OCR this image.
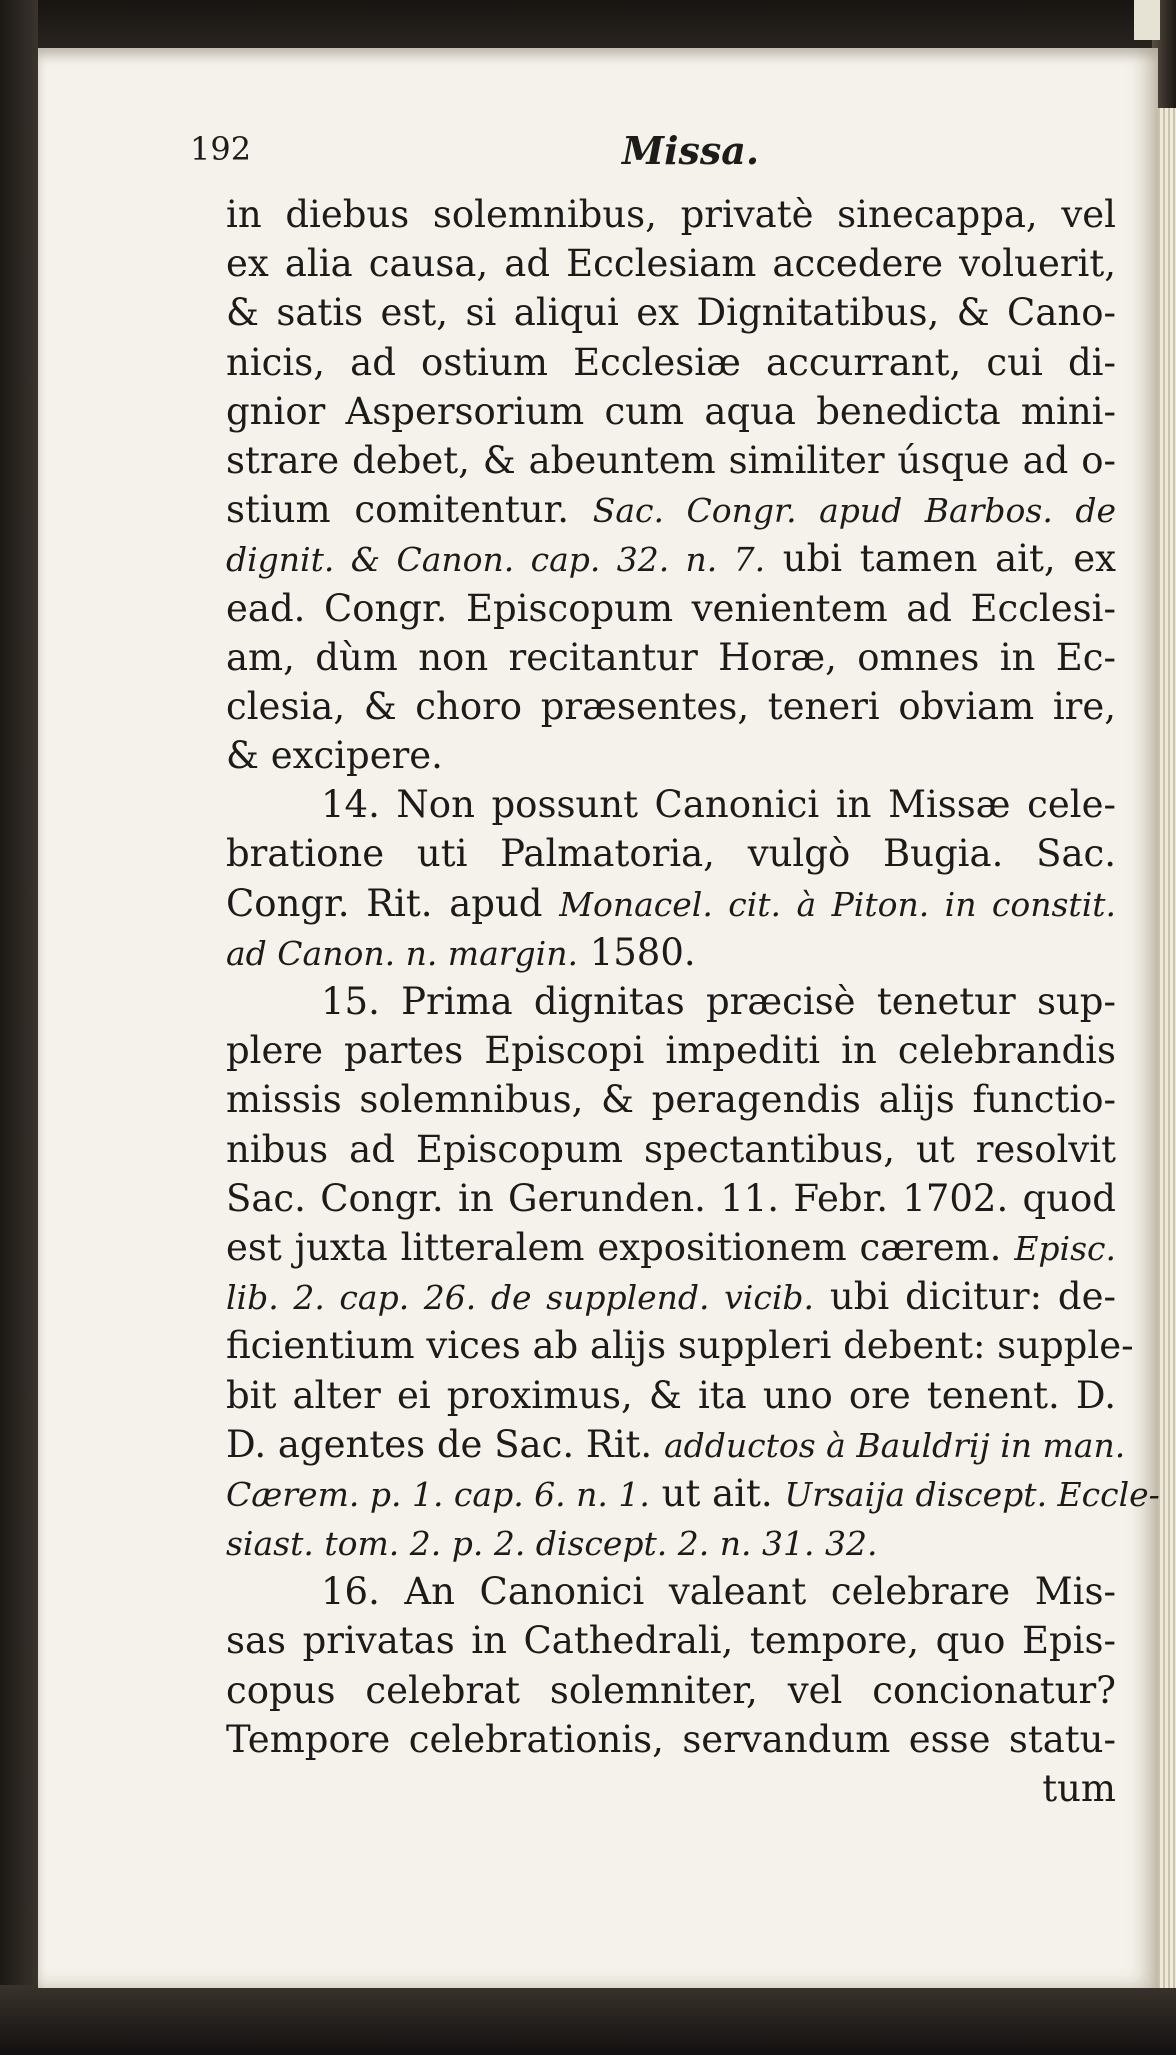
192	Missa.
in diebus solemnibus, privatè sinecappa, vel
ex alia causa, ad Ecclesiam accedere voluerit,
& satis est, si aliqui ex Dignitatibus, & Cano-
nicis, ad ostium Ecclesiæ accurrant, cui di-
gnior Aspersorium cum aqua benedicta mini-
strare debet, & abeuntem similiter úsque ad o-
stium comitentur. Sac. Congr. apud Barbos. de
dignit. & Canon. cap. 32. n. 7. ubi tamen ait, ex
ead. Congr. Episcopum venientem ad Ecclesi-
am, dùm non recitantur Horæ, omnes in Ec-
clesia, & choro præsentes, teneri obviam ire,
& excipere.
14. Non possunt Canonici in Missæ cele-
bratione uti Palmatoria, vulgò Bugia. Sac.
Congr. Rit. apud Monacel. cit. à Piton. in constit.
ad Canon. n. margin. 1580.
15. Prima dignitas præcisè tenetur sup-
plere partes Episcopi impediti in celebrandis
missis solemnibus, & peragendis alijs functio-
nibus ad Episcopum spectantibus, ut resolvit
Sac. Congr. in Gerunden. 11. Febr. 1702. quod
est juxta litteralem expositionem cærem. Episc.
lib. 2. cap. 26. de supplend. vicib. ubi dicitur: de-
ficientium vices ab alijs suppleri debent: supple-
bit alter ei proximus, & ita uno ore tenent. D.
D. agentes de Sac. Rit. adductos à Bauldrij in man.
Cærem. p. 1. cap. 6. n. 1. ut ait. Ursaija discept. Eccle-
siast. tom. 2. p. 2. discept. 2. n. 31. 32.
16. An Canonici valeant celebrare Mis-
sas privatas in Cathedrali, tempore, quo Epis-
copus celebrat solemniter, vel concionatur?
Tempore celebrationis, servandum esse statu-
tum
